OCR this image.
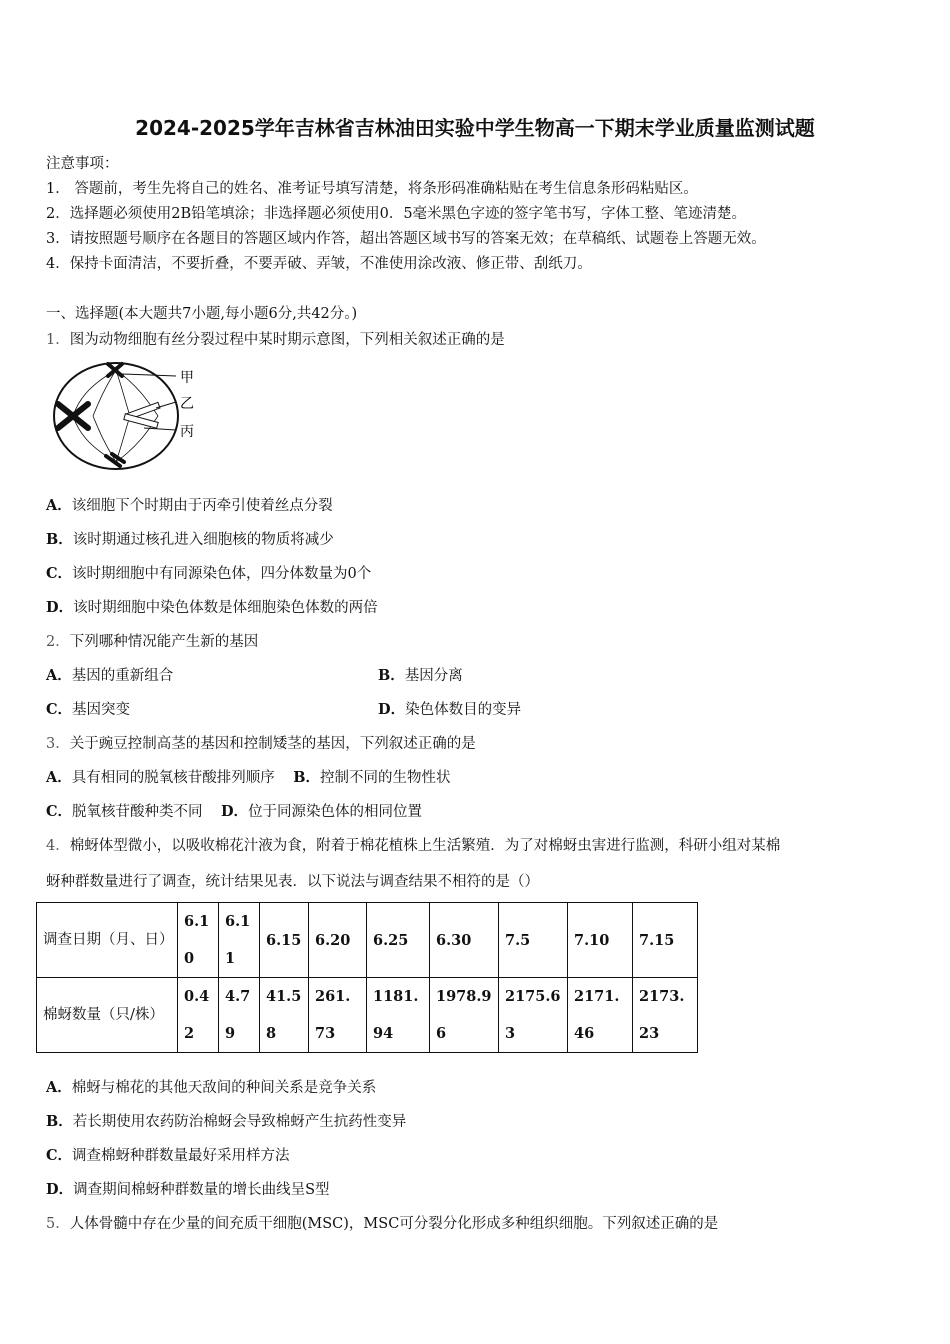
2024-2025学年吉林省吉林油田实验中学生物高一下期末学业质量监测试题
注意事项：
1． 答题前，考生先将自己的姓名、准考证号填写清楚，将条形码准确粘贴在考生信息条形码粘贴区。
2．选择题必须使用2B铅笔填涂；非选择题必须使用0．5毫米黑色字迹的签字笔书写，字体工整、笔迹清楚。
3．请按照题号顺序在各题目的答题区域内作答，超出答题区域书写的答案无效；在草稿纸、试题卷上答题无效。
4．保持卡面清洁，不要折叠，不要弄破、弄皱，不准使用涂改液、修正带、刮纸刀。
一、选择题(本大题共7小题,每小题6分,共42分。)
1．图为动物细胞有丝分裂过程中某时期示意图，下列相关叙述正确的是
甲
乙
丙
A．该细胞下个时期由于丙牵引使着丝点分裂
B．该时期通过核孔进入细胞核的物质将减少
C．该时期细胞中有同源染色体，四分体数量为0个
D．该时期细胞中染色体数是体细胞染色体数的两倍
2．下列哪种情况能产生新的基因
A．基因的重新组合	B．基因分离
C．基因突变	D．染色体数目的变异
3．关于豌豆控制高茎的基因和控制矮茎的基因，下列叙述正确的是
A．具有相同的脱氧核苷酸排列顺序 B．控制不同的生物性状
C．脱氧核苷酸种类不同 D．位于同源染色体的相同位置
4．棉蚜体型微小，以吸收棉花汁液为食，附着于棉花植株上生活繁殖．为了对棉蚜虫害进行监测，科研小组对某棉
蚜种群数量进行了调查，统计结果见表．以下说法与调查结果不相符的是（）
调查日期（月、日）	6.10	6.11	6.15	6.20	6.25	6.30	7.5	7.10	7.15
棉蚜数量（只/株）	0.42	4.79	41.58	261.73	1181.94	1978.96	2175.63	2171.46	2173.23
A．棉蚜与棉花的其他天敌间的种间关系是竞争关系
B．若长期使用农药防治棉蚜会导致棉蚜产生抗药性变异
C．调查棉蚜种群数量最好采用样方法
D．调查期间棉蚜种群数量的增长曲线呈S型
5．人体骨髓中存在少量的间充质干细胞(MSC)，MSC可分裂分化形成多种组织细胞。下列叙述正确的是
